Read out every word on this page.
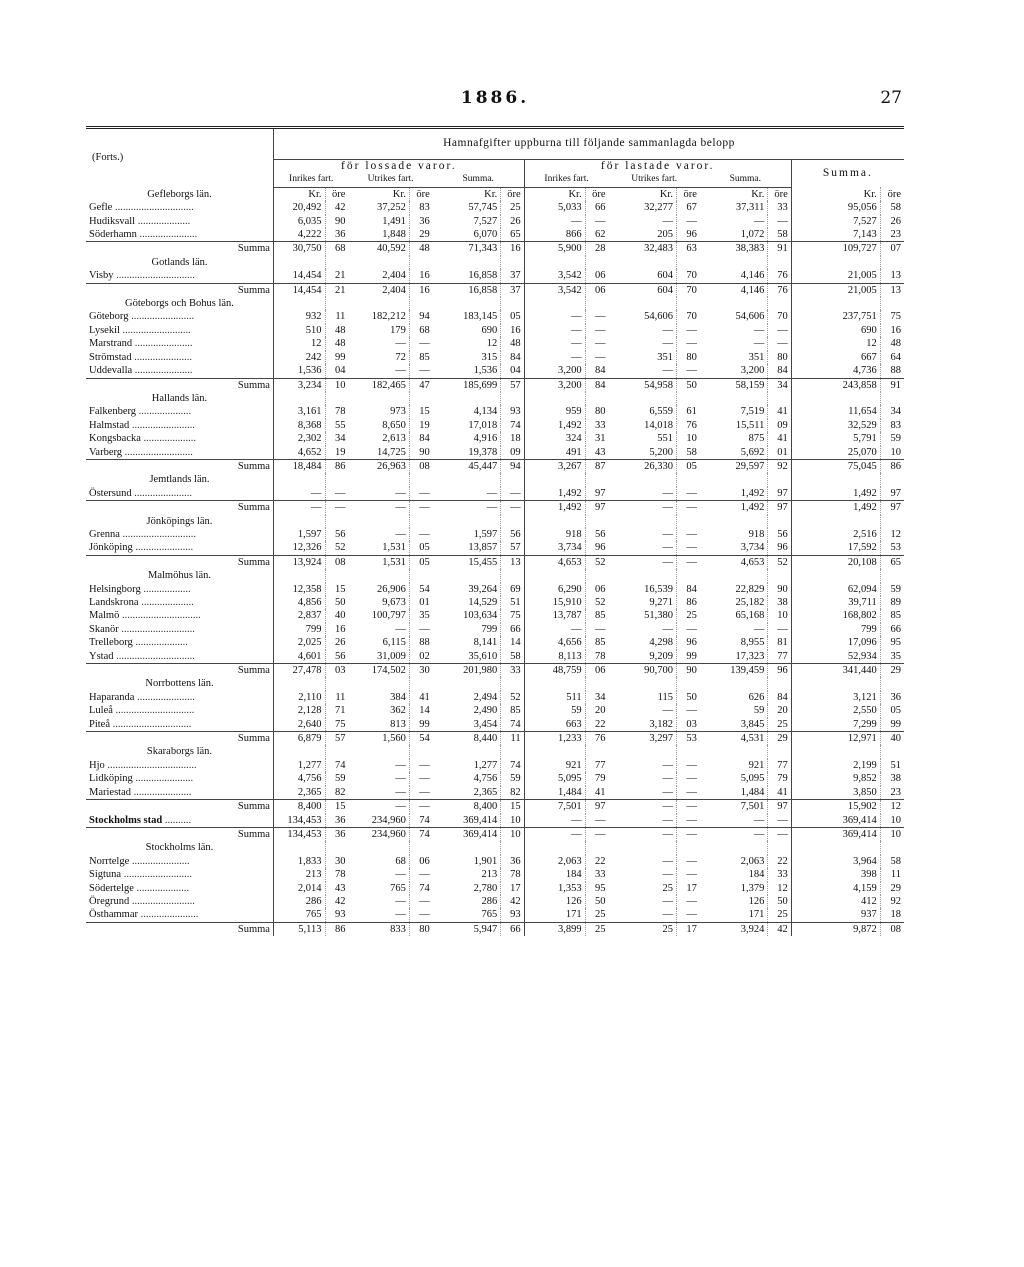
1886.	27
(Forts.)	Hamnafgifter uppburna till följande sammanlagda belopp													
	för lossade varor.						för lastade varor.						Summa.	
	Inrikes fart.		Utrikes fart.		Summa.		Inrikes fart.		Utrikes fart.		Summa.			
Gefleborgs län.	Kr.	öre	Kr.	öre	Kr.	öre	Kr.	öre	Kr.	öre	Kr.	öre	Kr.	öre
Gefle ..............................	20,492	42	37,252	83	57,745	25	5,033	66	32,277	67	37,311	33	95,056	58
Hudiksvall ....................	6,035	90	1,491	36	7,527	26	—	—	—	—	—	—	7,527	26
Söderhamn ......................	4,222	36	1,848	29	6,070	65	866	62	205	96	1,072	58	7,143	23
Summa	30,750	68	40,592	48	71,343	16	5,900	28	32,483	63	38,383	91	109,727	07
Gotlands län.														
Visby ..............................	14,454	21	2,404	16	16,858	37	3,542	06	604	70	4,146	76	21,005	13
Summa	14,454	21	2,404	16	16,858	37	3,542	06	604	70	4,146	76	21,005	13
Göteborgs och Bohus län.														
Göteborg ........................	932	11	182,212	94	183,145	05	—	—	54,606	70	54,606	70	237,751	75
Lysekil ..........................	510	48	179	68	690	16	—	—	—	—	—	—	690	16
Marstrand ......................	12	48	—	—	12	48	—	—	—	—	—	—	12	48
Strömstad ......................	242	99	72	85	315	84	—	—	351	80	351	80	667	64
Uddevalla ......................	1,536	04	—	—	1,536	04	3,200	84	—	—	3,200	84	4,736	88
Summa	3,234	10	182,465	47	185,699	57	3,200	84	54,958	50	58,159	34	243,858	91
Hallands län.														
Falkenberg ....................	3,161	78	973	15	4,134	93	959	80	6,559	61	7,519	41	11,654	34
Halmstad ........................	8,368	55	8,650	19	17,018	74	1,492	33	14,018	76	15,511	09	32,529	83
Kongsbacka ....................	2,302	34	2,613	84	4,916	18	324	31	551	10	875	41	5,791	59
Varberg ..........................	4,652	19	14,725	90	19,378	09	491	43	5,200	58	5,692	01	25,070	10
Summa	18,484	86	26,963	08	45,447	94	3,267	87	26,330	05	29,597	92	75,045	86
Jemtlands län.														
Östersund ......................	—	—	—	—	—	—	1,492	97	—	—	1,492	97	1,492	97
Summa	—	—	—	—	—	—	1,492	97	—	—	1,492	97	1,492	97
Jönköpings län.														
Grenna ............................	1,597	56	—	—	1,597	56	918	56	—	—	918	56	2,516	12
Jönköping ......................	12,326	52	1,531	05	13,857	57	3,734	96	—	—	3,734	96	17,592	53
Summa	13,924	08	1,531	05	15,455	13	4,653	52	—	—	4,653	52	20,108	65
Malmöhus län.														
Helsingborg ..................	12,358	15	26,906	54	39,264	69	6,290	06	16,539	84	22,829	90	62,094	59
Landskrona ....................	4,856	50	9,673	01	14,529	51	15,910	52	9,271	86	25,182	38	39,711	89
Malmö ..............................	2,837	40	100,797	35	103,634	75	13,787	85	51,380	25	65,168	10	168,802	85
Skanör ............................	799	16	—	—	799	66	—	—	—	—	—	—	799	66
Trelleborg ....................	2,025	26	6,115	88	8,141	14	4,656	85	4,298	96	8,955	81	17,096	95
Ystad ..............................	4,601	56	31,009	02	35,610	58	8,113	78	9,209	99	17,323	77	52,934	35
Summa	27,478	03	174,502	30	201,980	33	48,759	06	90,700	90	139,459	96	341,440	29
Norrbottens län.														
Haparanda ......................	2,110	11	384	41	2,494	52	511	34	115	50	626	84	3,121	36
Luleå ..............................	2,128	71	362	14	2,490	85	59	20	—	—	59	20	2,550	05
Piteå ..............................	2,640	75	813	99	3,454	74	663	22	3,182	03	3,845	25	7,299	99
Summa	6,879	57	1,560	54	8,440	11	1,233	76	3,297	53	4,531	29	12,971	40
Skaraborgs län.														
Hjo ..................................	1,277	74	—	—	1,277	74	921	77	—	—	921	77	2,199	51
Lidköping ......................	4,756	59	—	—	4,756	59	5,095	79	—	—	5,095	79	9,852	38
Mariestad ......................	2,365	82	—	—	2,365	82	1,484	41	—	—	1,484	41	3,850	23
Summa	8,400	15	—	—	8,400	15	7,501	97	—	—	7,501	97	15,902	12
Stockholms stad ..........	134,453	36	234,960	74	369,414	10	—	—	—	—	—	—	369,414	10
Summa	134,453	36	234,960	74	369,414	10	—	—	—	—	—	—	369,414	10
Stockholms län.														
Norrtelge ......................	1,833	30	68	06	1,901	36	2,063	22	—	—	2,063	22	3,964	58
Sigtuna ..........................	213	78	—	—	213	78	184	33	—	—	184	33	398	11
Södertelge ....................	2,014	43	765	74	2,780	17	1,353	95	25	17	1,379	12	4,159	29
Öregrund ........................	286	42	—	—	286	42	126	50	—	—	126	50	412	92
Östhammar ......................	765	93	—	—	765	93	171	25	—	—	171	25	937	18
Summa	5,113	86	833	80	5,947	66	3,899	25	25	17	3,924	42	9,872	08
